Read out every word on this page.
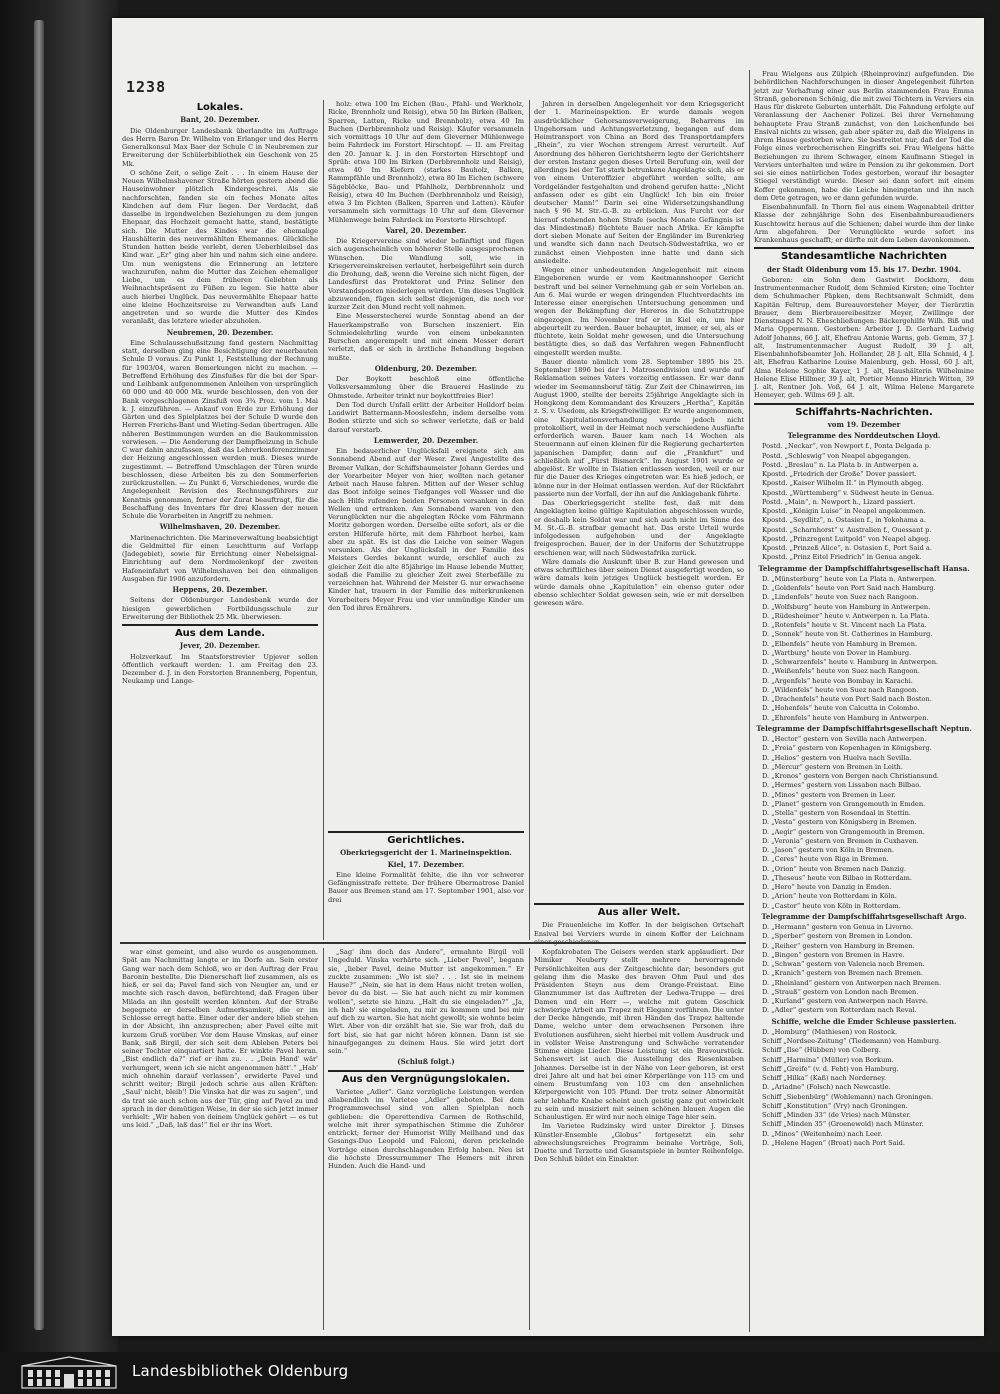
1238
Lokales.

Bant, 20. Dezember.

Die Oldenburger Landesbank überlandte im Auftrage des Herrn Baron Dr. Wilhelm von Erlanger und des Herrn Generalkonsul Max Baer der Schule C in Neubremen zur Erweiterung der Schülerbibliothek ein Geschenk von 25 Mk.

O schöne Zeit, o selige Zeit . . . In einem Hause der Neuen Wilhelmshavener Straße hörten gestern abend die Hauseinwohner plötzlich Kindergeschrei. Als sie nachforschten, fanden sie ein feches Monate altes Kindchen auf dem Flur liegen. Der Verdacht, daß dasselbe in irgendwelchen Beziehungen zu dem jungen Ehepaar, das Hochzeit gemacht hatte, stand, bestätigte sich. Die Mutter des Kindes war die ehemalige Haushälterin des neuvermählten Ehemannes. Glückliche Stunden hatten beide verlebt, deren Ueberbleibsel das Kind war. „Er“ ging aber hin und nahm sich eine andere. Um nun wenigstens die Erinnerung an letztere wachzurufen, nahm die Mutter das Zeichen ehemaliger Liebe, um es dem früheren Geliebten als Weihnachtspräsent zu Füßen zu legen. Sie hatte aber auch hierbei Unglück. Das neuvermählte Ehepaar hatte eine kleine Hochzeitsreise zu Verwandten aufs Land angetreten und so wurde die Mutter des Kindes veranlaßt, das letztere wieder abzuholen.

Neubremen, 20. Dezember.

Eine Schulausschußsitzung fand gestern Nachmittag statt, derselben ging eine Besichtigung der neuerbauten Schule D voraus. Zu Punkt 1, Feststellung der Rechnung für 1903/04, waren Bemerkungen nicht zu machen. — Betreffend Erhöhung des Zinsfußes für die bei der Spar- und Leihbank aufgenommenen Anleihen von ursprünglich 60 000 und 40 000 Mk. wurde beschlossen, den von der Bank vorgeschlagenen Zinsfuß von 3¾ Proz. vom 1. Mai k. J. einzuführen. — Ankauf von Erde zur Erhöhung der Gärten und des Spielplatzes bei der Schule D wurde den Herren Frerichs-Bant und Wieting-Sedan übertragen. Alle näheren Bestimmungen wurden an die Baukommission verwiesen. — Die Aenderung der Dampfheizung in Schule C war dahin anzufassen, daß das Lehrerkonferenzzimmer der Heizung angeschlossen werden muß. Dieses wurde zugestimmt. — Betreffend Umschlagen der Türen wurde beschlossen, diese Arbeiten bis zu den Sommerferien zurückzustellen. — Zu Punkt 6, Verschiedenes, wurde die Angelegenheit Revision des Rechnungsführers zur Kenntnis genommen, ferner der Zurat beauftragt, für die Beschaffung des Inventars für drei Klassen der neuen Schule die Vorarbeiten in Angriff zu nehmen.

Wilhelmshaven, 20. Dezember.

Marinenachrichten. Die Marineverwaltung beabsichtigt die Geldmittel für einen Leuchtturm auf Vorlapp (Jadegebiet), sowie für Errichtung einer Nebelsignal-Einrichtung auf dem Nordmolenkopf der zweiten Hafeneinfahrt von Wilhelmshaven bei den einmaligen Ausgaben für 1906 anzufordern.

Heppens, 20. Dezember.

Seitens der Oldenburger Landesbank wurde der hiesigen gewerblichen Fortbildungsschule zur Erweiterung der Bibliothek 25 Mk. überwiesen.

Aus dem Lande.

Jever, 20. Dezember.

Holzverkauf. Im Staatsforstrevier Upjever sollen öffentlich verkauft werden: 1. am Freitag den 23. Dezember d. J. in den Forstorten Brannenberg, Popentun, Neukamp und Lange-

holz: etwa 100 Im Eichen (Bau-, Pfahl- und Werkholz, Ricke, Brennholz und Reisig), etwa 50 Im Birken (Balken, Sparren, Latten, Ricke und Brennholz), etwa 40 Im Buchen (Derbbrennholz und Reisig). Käufer versammeln sich vormittags 10 Uhr auf dem Gleverner Mühlenwege beim Fahrdeck im Forstort Hirschtopf. — II. am Freitag den 20. Januar k. J. in den Forstorten Hirschtopf und Sprüh: etwa 100 Im Birken (Derbbrennholz und Reisig), etwa 40 Im Kiefern (starkes Bauholz, Balken, Rammpfähle und Brennholz), etwa 80 Im Eichen (schwere Sägeblöcke, Bau- und Pfahlholz, Derbbrennholz und Reisig), etwa 40 Im Buchen (Derbbrennholz und Reisig), etwa 3 Im Fichten (Balken, Sparren und Latten). Käufer versammeln sich vormittags 10 Uhr auf dem Gleverner Mühlenwege beim Fahrdeck im Forstorte Hirschtopf.

Varel, 20. Dezember.

Die Kriegervereine sind wieder befänftigt und fügen sich augenscheinlich von höherer Stelle ausgesprochenen Wünschen. Die Wandlung soll, wie in Kriegervereinskreisen verlautet, herbeigeführt sein durch die Drohung, daß, wenn die Vereine sich nicht fügen, der Landesfürst das Protektorat und Prinz Seliner den Vorstandsposten niederlegen würden. Um dieses Unglück abzuwenden, fügen sich selbst diejenigen, die noch vor kurzer Zeit den Mund recht voll nahmen.

Eine Messerstecherei wurde Sonntag abend an der Hauerkampstraße von Burschen inszeniert. Ein Schmiedelehrling wurde von einem unbekannten Burschen angerempelt und mit einem Messer derart verletzt, daß er sich in ärztliche Behandlung begeben mußte.

Oldenburg, 20. Dezember.

Der Boykott beschloß eine öffentliche Volksversammlung über die Brauerei Haslinde zu Ohmstede. Arbeiter trinkt nur boykottfreies Bier!

Den Tod durch Unfall erlitt der Arbeiter Holldorf beim Landwirt Battermann-Mooslesfehn, indem derselbe vom Boden stürzte und sich so schwer verletzte, daß er bald darauf verstarb.

Lemwerder, 20. Dezember.

Ein bedauerlicher Unglücksfall ereignete sich am Sonnabend Abend auf der Weser. Zwei Angestellte des Bremer Vulkan, der Schiffsbaumeister Johann Gerdes und der Vorarbeiter Meyer von hier, wollten nach getaner Arbeit nach Hause fahren. Mitten auf der Weser schlug das Boot infolge seines Tiefganges voll Wasser und die nach Hilfe rufenden beiden Personen versanken in den Wellen und ertranken. Am Sonnabend waren von den Verunglückten nur die abgelegten Röcke vom Fährmann Moritz geborgen worden. Derselbe eilte sofort, als er die ersten Hilferufe hörte, mit dem Fährboot herbei, kam aber zu spät. Es ist das die Leiche von seiner Wagen versunken. Als der Unglücksfall in der Familie des Meisters Gerdes bekannt wurde, erschlief auch zu gleicher Zeit die alte 85jährige im Hause lebende Mutter, sodaß die Familie zu gleicher Zeit zwei Sterbefälle zu verzeichnen hat. Während der Meister G. nur erwachsene Kinder hat, trauern in der Familie des miterkrunkenen Vorarbeiters Meyer Frau und vier unmündige Kinder um den Tod ihres Ernährers.

Gerichtliches.

Oberkriegsgericht der 1. Marineinspektion.

Kiel, 17. Dezember.

Eine kleine Formalität fehlte, die ihn vor schwerer Gefängnisstrafe rettete. Der frühere Obermatrose Daniel Bauer aus Bremen stand am 17. September 1901, also vor drei

Jahren in derselben Angelegenheit vor dem Kriegsgericht der 1. Marineinspektion. Er wurde damals wegen ausdrücklicher Gehorsamsverweigerung, Beharrens im Ungehorsam und Achtungsverletzung, begangen auf dem Heimtransport von China an Bord des Transportdampfers „Rhein“, zu vier Wochen strengem Arrest verurteilt. Auf Anordnung des höheren Gerichtsherrn legte der Gerichtsherr der ersten Instanz gegen dieses Urteil Berufung ein, weil der allerdings bei der Tat stark betrunkene Angeklagte sich, als er von einem Unteroffizier abgeführt werden sollte, am Vordgeländer festgehalten und drohend gerufen hatte: „Nicht anfassen oder es gibt ein Unglück! Ich bin ein freier deutscher Mann!“ Darin sei eine Widersetzungshandlung nach § 96 M. Str.-G.-B. zu erblicken. Aus Furcht vor der hierauf stehenden hohen Strafe (sechs Monate Gefängnis ist das Mindestmaß) flüchtete Bauer nach Afrika. Er kämpfte dort sieben Monate auf Seiten der Engländer im Burenkrieg und wandte sich dann nach Deutsch-Südwestafrika, wo er zunächst einen Viehposten inne hatte und dann sich ansiedelte.

Wegen einer unbedeutenden Angelegenheit mit einem Eingeborenen wurde er vom Keetmannshooper Gericht bestraft und bei seiner Vernehmung gab er sein Vorleben an. Am 6. Mai wurde er wegen dringenden Fluchtverdachts im Interesse einer energischen Untersuchung genommen und wegen der Bekämpfung der Hereros in die Schutztruppe eingezogen. Im November traf er in Kiel ein, um hier abgeurteilt zu werden. Bauer behauptet, immer, er sei, als er flüchtete, kein Soldat mehr gewesen, und die Untersuchung bestätigte dies, so daß das Verfahren wegen Fahnenflucht eingestellt werden mußte.

Bauer diente nämlich vom 28. September 1895 bis 25. September 1896 bei der 1. Matrosendivision und wurde auf Reklamation seines Vaters vorzeitig entlassen. Er war dann wieder im Seemannsberuf tätig. Zur Zeit der Chinawirren, im August 1900, stellte der bereits 25jährige Angeklagte sich in Hongkong dem Kommandant des Kreuzers „Hertha“, Kapitän z. S. v. Usedom, als Kriegsfreiwilliger. Er wurde angenommen, eine Kapitulationsverhandlung wurde jedoch nicht protokolliert, weil in der Heimat noch verschiedene Ausfünfte erforderlich waren. Bauer kam nach 14 Wochen als Steuermann auf einen kleinen für die Regierung gecharterten japanischen Dampfer, dann auf die „Frankfurt“ und schließlich auf „Fürst Bismarck“. Im August 1901 wurde er abgelöst. Er wollte in Tsiatien entlassen werden, weil er nur für die Dauer des Krieges eingetreten war. Es hieß jedoch, er könne nur in der Heimat entlassen werden. Auf der Rückfahrt passierte nun der Vorfall, der ihn auf die Anklagebank führte.

Das Oberkriegsgericht stellte fest, daß mit dem Angeklagten keine gültige Kapitulation abgeschlossen wurde, er deshalb kein Soldat war und sich auch nicht im Sinne des M. St.-G.-B. strafbar gemacht hat. Das erste Urteil wurde infolgedessen aufgehoben und der Angeklagte freigesprochen. Bauer, der in der Uniform der Schutztruppe erschienen war, will nach Südwestafrika zurück.

Wäre damals die Auskunft über B. zur Hand gewesen und etwas schriftliches über seinen Dienst ausgefertigt worden, so wäre damals kein jetziges Unglück bestiegelt worden. Er würde damals ohne „Kapitulation“ ein ebenso guter oder ebenso schlechter Soldat gewesen sein, wie er mit derselben gewesen wäre.

Aus aller Welt.

Die Frauenleiche im Koffer. In der belgischen Ortschaft Ensival bei Verviers wurde in einem Koffer der Leichnam

Frau Wielgens aus Zülpich (Rheinprovinz) aufgefunden. Die behördlichen Nachforschungen in dieser Angelegenheit führten jetzt zur Verhaftung einer aus Berlin stammenden Frau Emma Stranß, geborenen Schönig, die mit zwei Töchtern in Verviers ein Haus für diskrete Geburten unterhält. Die Fahndung erfolgte auf Veranlassung der Aachener Polizei. Bei ihrer Vernehmung behauptete Frau Stranß zunächst, von den Leichenfunde bei Ensival nichts zu wissen, gab aber später zu, daß die Wielgens in ihrem Hause gestorben wäre. Sie bestreitet nur, daß der Tod die Folge eines verbrecherischen Eingriffs sei. Frau Wielgens hätte Beziehungen zu ihrem Schwager, einem Kaufmann Stiegel in Verviers unterhalten und wäre in Pension zu ihr gekommen. Dort sei sie eines natürlichen Todes gestorben, worauf ihr besagter Stiegel verständigt wurde. Dieser sei dann sofort mit einem Koffer gekommen, habe die Leiche hineingetan und ihn nach dem Orte getragen, wo er dann gefunden wurde.

Eisenbahnunfall. In Thorn fiel aus einem Wagenabteil dritter Klasse der zehnjährige Sohn des Eisenbahnbureaudieners Kuschtowitz heraus auf die Schienen; dabei wurde ihm der linke Arm abgefahren. Der Verunglückte wurde sofort ins Krankenhaus geschafft; er dürfte mit dem Leben davonkommen.

Standesamtliche Nachrichten

der Stadt Oldenburg vom 15. bis 17. Dezbr. 1904.

Geboren: ein Sohn dem Gastwirt Dockhorn, dem Instrumentenmacher Rudolf, dem Schmied Kirsten; eine Tochter dem Schuhmacher Päpken, dem Rechtsanwalt Schmidt, dem Kapitän Feltrup, dem Bureauvorsteher Meyer, der Tierärztin Brauer, dem Bierbrauereibesitzer Meyer, Zwillinge der Dienstmagd N. N. Eheschließungen: Bäckergehilfe Wilh. Biß und Maria Oppermann. Gestorben: Arbeiter J. D. Gerhard Ludwig Adolf Johanns, 66 J. alt, Ehefrau Antonie Warns, geb. Gemm, 37 J. alt, Instrumentenmacher August Rudolf, 39 J. alt, Eisenbahnhofsbeamter Joh. Hollander, 28 J. alt, Ella Schmid, 4 J. alt, Ehefrau Katharine Louise Maienburg, geb. Hossl, 60 J. alt, Alma Helene Sophie Kayer, 1 J. alt, Haushälterin Wilhelmine Helene Elise Hillmer, 39 J. alt, Portier Menno Hinrich Witten, 39 J. alt, Rentner Joh. Voß, 64 J. alt, Wilma Helene Margarete Hemeyer, geb. Wilms 69 J. alt.

Schiffahrts-Nachrichten.

vom 19. Dezember

Telegramme des Norddeutschen Lloyd.

Postd. „Neckar“, von Newport f., Ponta Delgada p.

Postd. „Schleswig“ von Neapel abgegangen.

Postd. „Breslau“ n. La Plata b. in Antwerpen a.

Kpostd. „Friedrich der Große“ Dover passiert.

Kpostd. „Kaiser Wilhelm II.“ in Plymouth abgeg.

Kpostd. „Württemberg“ v. Südwest heute in Genua.

Postd. „Main“, n. Newport h., Lizard passiert.

Kpostd. „Königin Luise“ in Neapel angekommen.

Kpostd. „Seydlitz“, n. Ostasien f., in Yokohama a.

Kpostd. „Scharnhorst“ v. Australien f., Ouessant p.

Kpostd. „Prinzregent Luitpold“ von Neapel abgeg.

Kpostd. „Prinzeß Alice“, n. Ostasien f., Port Said a.

Kpostd. „Prinz Eitel Friedrich“ in Genua angek.

Telegramme der Dampfschiffahrtsgesellschaft Hansa.

D. „Münsterburg“ heute von La Plata n. Antwerpen.

D. „Goldenfels“ heute von Port Said nach Hamburg.

D. „Lindenfels“ heute von Suez nach Rangoon.

D. „Wolfsburg“ heute von Hamburg in Antwerpen.

D. „Rüdesheimer“ heute v. Antwerpen n. La Plata.

D. „Rotenfels“ heute v. St. Vincent nach La Plata.

D. „Sonnek“ heute von St. Catherines in Hamburg.

D. „Elbenfels“ heute von Hamburg in Bremen.

D. „Wartburg“ heute von Dover in Hamburg.

D. „Schwarzenfels“ heute v. Hamburg in Antwerpen.

D. „Weißenfels“ heute von Suez nach Rangoon.

D. „Argenfels“ heute von Bombay in Karachi.

D. „Wildenfels“ heute von Suez nach Rangoon.

D. „Drachenfels“ heute von Port Said nach Boston.

D. „Hohenfels“ heute von Calcutta in Colombo.

D. „Ehrenfels“ heute von Hamburg in Antwerpen.

Telegramme der Dampfschiffahrtsgesellschaft Neptun.

D. „Hector“ gestern von Sevilla nach Antwerpen.

D. „Freia“ gestern von Kopenhagen in Königsberg.

D. „Helios“ gestern von Huelva nach Sevilla.

D. „Mercur“ gestern von Bremen in Leith.

D. „Kronos“ gestern von Bergen nach Christiansund.

D. „Hermes“ gestern von Lissabon nach Bilbao.

D. „Minos“ gestern von Bremen in Leer.

D. „Planet“ gestern von Grangemouth in Emden.

D. „Stella“ gestern von Rosendaal in Stettin.

D. „Vesta“ gestern von Königsberg in Bremen.

D. „Aegir“ gestern von Grangemouth in Bremen.

D. „Veronia“ gestern von Bremen in Cuxhaven.

D. „Jason“ gestern von Köln in Bremen.

D. „Ceres“ heute von Riga in Bremen.

D. „Orion“ heute von Bremen nach Danzig.

D. „Theseus“ heute von Bilbao in Rotterdam.

D. „Hero“ heute von Danzig in Emden.

D. „Arion“ heute von Rotterdam in Köln.

D. „Castor“ heute von Köln in Rotterdam.

Telegramme der Dampfschiffahrtsgesellschaft Argo.

D. „Hermann“ gestern von Genua in Livorno.

D. „Sperber“ gestern von Bremen in London.

D. „Reiher“ gestern von Hamburg in Bremen.

D. „Bingen“ gestern von Bremen in Havre.

D. „Schwan“ gestern von Valencia nach Bremen.

D. „Kranich“ gestern von Bremen nach Bremen.

D. „Rheinland“ gestern von Antwerpen nach Bremen.

D. „Strauß“ gestern von London nach Bremen.

D. „Kurland“ gestern von Antwerpen nach Havre.

D. „Adler“ gestern von Rotterdam nach Reval.

Schiffe, welche die Emder Schleuse passierten.

D. „Homburg“ (Mathiesen) von Rostock.

Schiff „Nordsee-Zeitung“ (Tiedemann) von Hamburg.

Schiff „Ilse“ (Hübben) von Colberg.

Schiff „Harmina“ (Müller) von Borkum.

Schiff „Greife“ (v. d. Feht) von Hamburg.

Schiff „Hilka“ (Kaß) nach Norderney.

D. „Ariadne“ (Folsch) nach Newcastle.

Schiff „Siebenbürg“ (Wohlemann) nach Groningen.

Schiff „Konstitution“ (Vry) nach Groningen.

Schiff „Minden 33“ (de Vries) nach Münster.

Schiff „Minden 35“ (Groenewold) nach Münster.

D. „Minos“ (Weitenheim) nach Leer.

D. „Helene Hagen“ (Broat) nach Port Said.

war einst gemeint, und also wurde es ausgenommen. Spät am Nachmittag langte er im Dorfe an. Sein erster Gang war nach dem Schloß, wo er den Auftrag der Frau Baronin bestellte. Die Dienerschaft lief zusammen, als es hieß, er sei da; Pavel fand sich von Neugier an, und er machte sich rasch davon, befürchtend, daß Fragen über Milada an ihn gestellt werden könnten. Auf der Straße begegnete er derselben Aufmerksamkeit, die er im Schlosse erregt hatte. Einer oder der andere blieb stehen in der Absicht, ihn anzusprechen; aber Pavel eilte mit kurzem Gruß vorüber. Vor dem Hause Vinskas, auf einer Bank, saß Birgil, der sich seit dem Ableben Peters bei seiner Tochter einquartiert hatte. Er winkte Pavel heran. „Bist endlich da?“ rief er ihm zu. . . „Dein Hand' wär' verhungert, wenn ich sie nicht angenommen hätt'.“ „Hab' mich ohnehin darauf verlassen“, erwiderte Pavel und schritt weiter; Birgil jedoch schrie aus allen Kräften: „Saul' nicht, bleib'! Die Vinska hat dir was zu sagen“, und da trat sie auch schon aus der Tür, ging auf Pavel zu und sprach in der demütigen Weise, in der sie sich jetzt immer verhielt: „Wir haben von deinem Unglück gehört — es tut uns leid.“ „Daß, laß das!“ fiel er ihr ins Wort.

„Sag' ihm doch das Andere“, ermahnte Birgil voll Ungeduld. Vinska verhärte sich. „Lieber Pavel“, begann sie, „lieber Pavel, deine Mutter ist angekommen.“ Er zuckte zusammen: „Wo ist sie? . . . Ist sie in meinem Hause?“ „Nein, sie hat in dem Haus nicht treten wollen, bevor du da bist. — Sie hat auch nicht zu mir kommen wollen“, setzte sie hinzu. „Halt du sie eingeladen?“ „Ja, ich hab' sie eingeladen, zu mir zu kommen und bei mir auf dich zu warten. Sie hat nicht gewollt; sie wohnte beim Wirt. Aber von dir erzählt hat sie. Sie war froh, daß du fort bist, sie hat gar nicht hören können. Dann ist sie hinaufgegangen zu deinem Haus. Sie wird jetzt dort sein.“

(Schluß folgt.)

Aus den Vergnügungslokalen.

Varietee „Adler“. Ganz vorzügliche Leistungen werden allabendlich im Varietee „Adler“ geboten. Bei dem Programmwechsel sind von allen Spielplan noch geblieben: die Operettendiva Carmen de Rothschild, welche mit ihrer sympathischen Stimme die Zuhörer entzückt; ferner der Humorist Willy Meilhand und das Gesangs-Duo Leopold und Falconi, deren prickelnde Vorträge einen durchschlagenden Erfolg haben. Neu ist die höchste Dressurnummer The Hemers mit ihren Hunden. Auch die Hand- und

Kopfakrobaten The Geisers werden stark applaudiert. Der Mimiker Neuberty stellt mehrere hervorragende Persönlichkeiten aus der Zeitgeschichte dar; besonders gut gelang ihm die Maske des braven Ohm Paul und des Präsidenten Steyn aus dem Orange-Freistaat. Eine Glanznummer ist das Auftreten der Ledwa-Truppe — drei Damen und ein Herr —, welche mit gutem Geschick schwierige Arbeit am Trapez mit Eleganz vorführen. Die unter der Decke hängende, mit ihren Händen das Trapez haltende Dame, welche unter dem erwachsenen Personen ihre Evolutionen ausführen, sieht hierbei mit vollem Ausdruck und in vollster Weise Anstrengung und Schwäche verratender Stimme einige Lieder. Diese Leistung ist ein Bravourstück. Sehenswert ist auch die Ausstellung des Riesenknaben Johannes. Derselbe ist in der Nähe von Leer geboren, ist erst drei Jahre alt und hat bei einer Körperlänge von 115 cm und einem Brustumfang von 103 cm den ansehnlichen Körpergewicht von 105 Pfund. Der trotz seiner Abnormität sehr lebhafte Knabe scheint auch geistig ganz gut entwickelt zu sein und musiziert mit seinen schönen blauen Augen die Schaulustigen. Er wird nur noch einige Tage hier sein.

Im Varietee Rudzinsky wird unter Direktor J. Dinses Künstler-Ensemble „Globus“ fortgesetzt ein sehr abwechslungsreiches Programm beinahe Vorträge, Soli, Duette und Terzette und Gesamtspiele in bunter Reihenfolge. Den Schluß bildet ein Einakter.

Landesbibliothek Oldenburg
